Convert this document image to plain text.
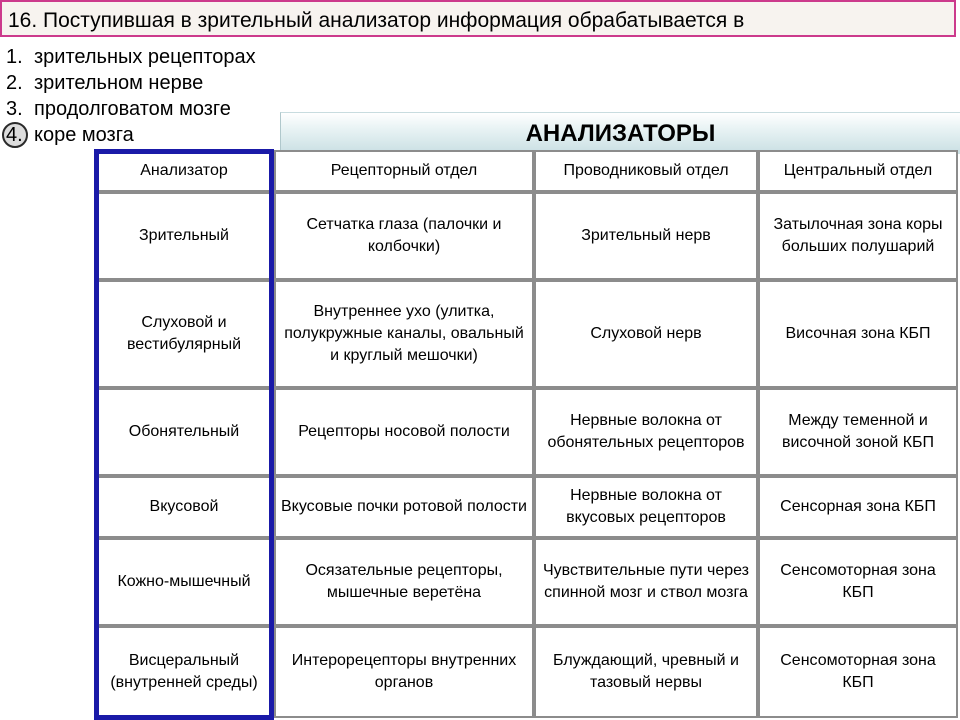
16. Поступившая в зрительный анализатор информация обрабатывается в
1. зрительных рецепторах
2. зрительном нерве
3. продолговатом мозге
4. коре мозга	АНАЛИЗАТОРЫ
Анализатор	Рецепторный отдел	Проводниковый отдел	Центральный отдел
Зрительный	Сетчатка глаза (палочки и колбочки)	Зрительный нерв	Затылочная зона коры больших полушарий
Слуховой и вестибулярный	Внутреннее ухо (улитка, полукружные каналы, овальный и круглый мешочки)	Слуховой нерв	Височная зона КБП
Обонятельный	Рецепторы носовой полости	Нервные волокна от обонятельных рецепторов	Между теменной и височной зоной КБП
Вкусовой	Вкусовые почки ротовой полости	Нервные волокна от вкусовых рецепторов	Сенсорная зона КБП
Кожно-мышечный	Осязательные рецепторы, мышечные веретёна	Чувствительные пути через спинной мозг и ствол мозга	Сенсомоторная зона КБП
Висцеральный (внутренней среды)	Интерорецепторы внутренних органов	Блуждающий, чревный и тазовый нервы	Сенсомоторная зона КБП
